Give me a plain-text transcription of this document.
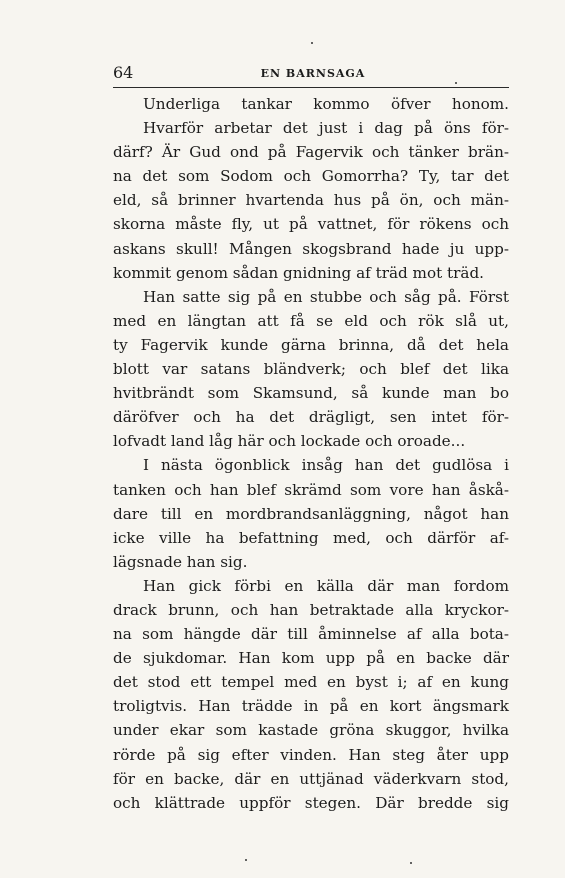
64	EN BARNSAGA
Underliga tankar kommo öfver honom.
Hvarför arbetar det just i dag på öns för-
därf? Är Gud ond på Fagervik och tänker brän-
na det som Sodom och Gomorrha? Ty, tar det
eld, så brinner hvartenda hus på ön, och män-
skorna måste fly, ut på vattnet, för rökens och
askans skull! Mången skogsbrand hade ju upp-
kommit genom sådan gnidning af träd mot träd.
Han satte sig på en stubbe och såg på. Först
med en längtan att få se eld och rök slå ut,
ty Fagervik kunde gärna brinna, då det hela
blott var satans bländverk; och blef det lika
hvitbrändt som Skamsund, så kunde man bo
däröfver och ha det drägligt, sen intet för-
lofvadt land låg här och lockade och oroade...
I nästa ögonblick insåg han det gudlösa i
tanken och han blef skrämd som vore han åskå-
dare till en mordbrandsanläggning, något han
icke ville ha befattning med, och därför af-
lägsnade han sig.
Han gick förbi en källa där man fordom
drack brunn, och han betraktade alla kryckor-
na som hängde där till åminnelse af alla bota-
de sjukdomar. Han kom upp på en backe där
det stod ett tempel med en byst i; af en kung
troligtvis. Han trädde in på en kort ängsmark
under ekar som kastade gröna skuggor, hvilka
rörde på sig efter vinden. Han steg åter upp
för en backe, där en uttjänad väderkvarn stod,
och klättrade uppför stegen. Där bredde sig
